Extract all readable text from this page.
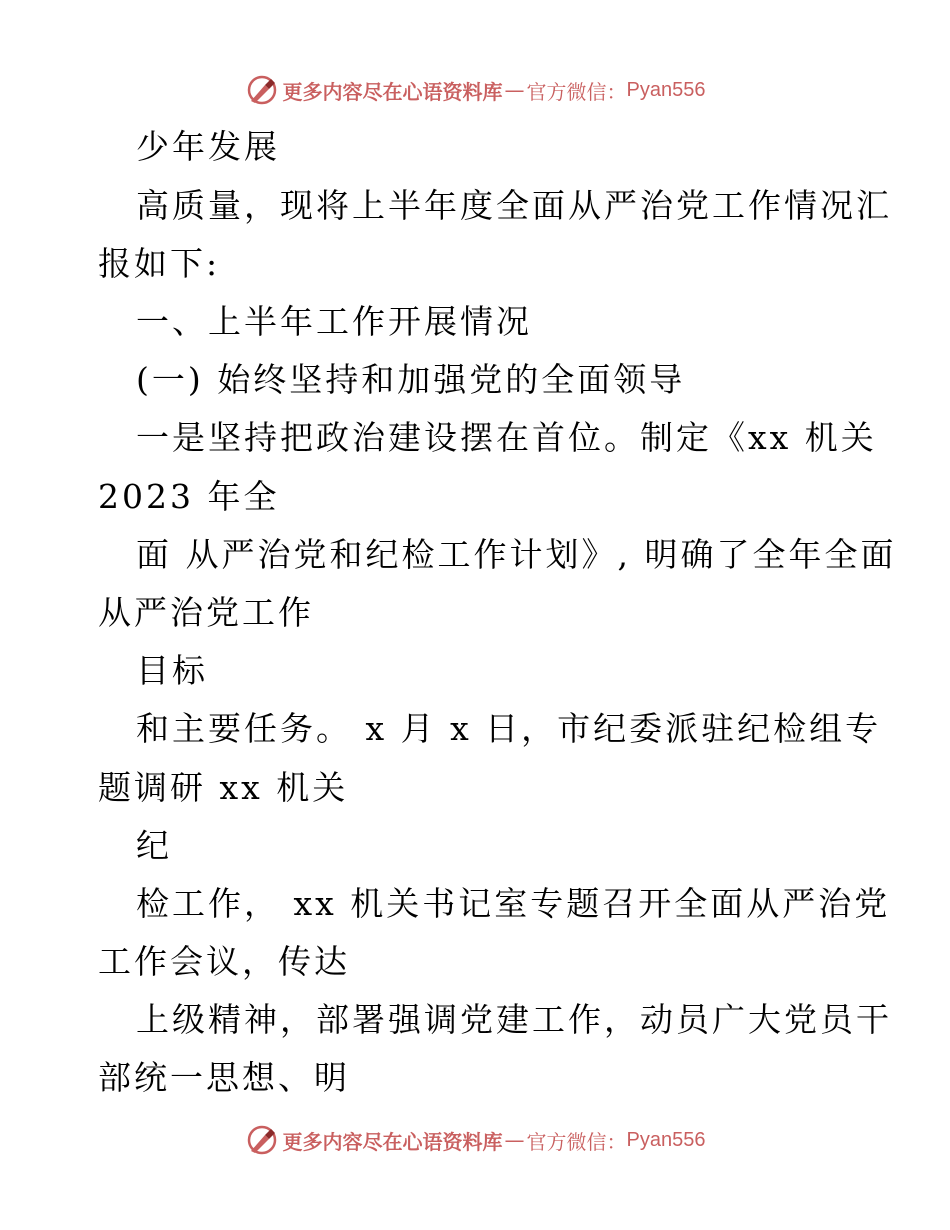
更多内容尽在心语资料库 — 官方微信： Pyan556
少年发展
高质量，现将上半年度全面从严治党工作情况汇
报如下:
一、上半年工作开展情况
(一) 始终坚持和加强党的全面领导
一是坚持把政治建设摆在首位。制定《xx 机关
2023 年全
面 从严治党和纪检工作计划》, 明确了全年全面
从严治党工作
目标
和主要任务。 x 月 x 日，市纪委派驻纪检组专
题调研 xx 机关
纪
检工作， xx 机关书记室专题召开全面从严治党
工作会议，传达
上级精神，部署强调党建工作，动员广大党员干
部统一思想、明
更多内容尽在心语资料库 — 官方微信： Pyan556
